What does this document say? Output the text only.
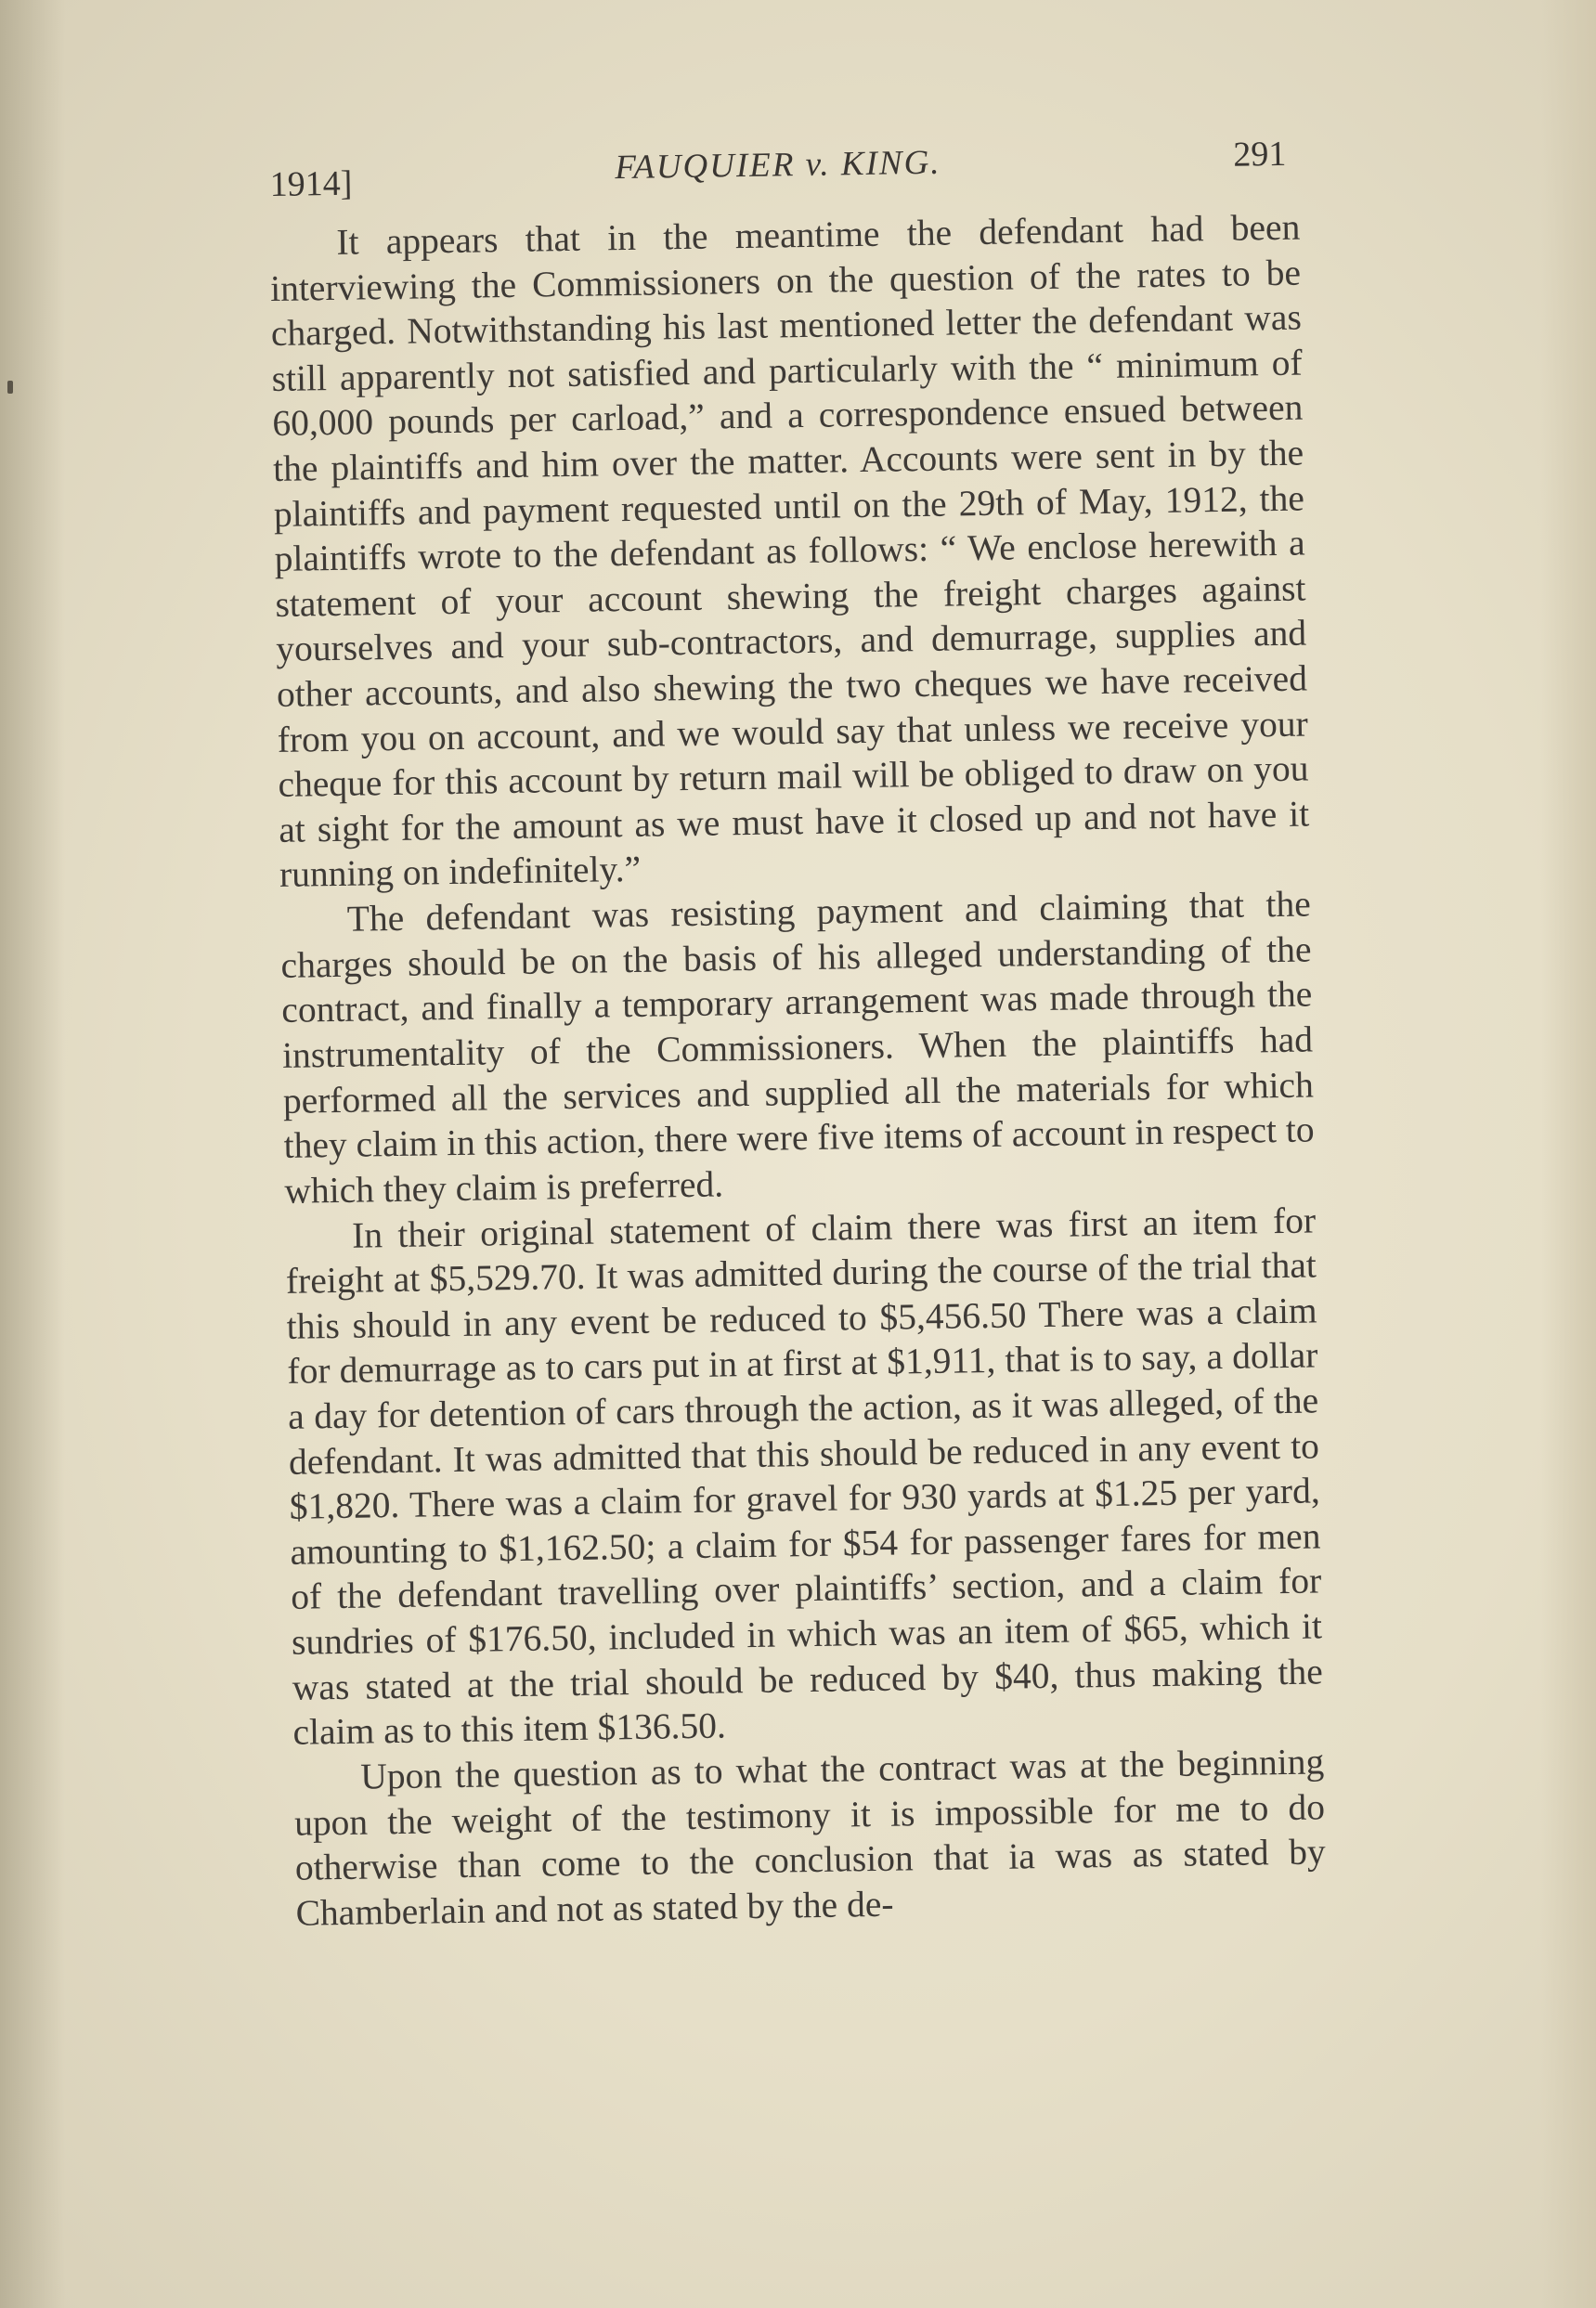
1914]	FAUQUIER v. KING.	291

It appears that in the meantime the defendant had been interviewing the Commissioners on the question of the rates to be charged. Notwithstanding his last mentioned letter the defendant was still apparently not satisfied and particularly with the “ minimum of 60,000 pounds per carload,” and a correspondence ensued between the plaintiffs and him over the matter. Accounts were sent in by the plaintiffs and payment requested until on the 29th of May, 1912, the plaintiffs wrote to the defendant as follows: “ We enclose herewith a statement of your account shewing the freight charges against yourselves and your sub-contractors, and demurrage, supplies and other accounts, and also shewing the two cheques we have received from you on account, and we would say that unless we receive your cheque for this account by return mail will be obliged to draw on you at sight for the amount as we must have it closed up and not have it running on indefinitely.”

The defendant was resisting payment and claiming that the charges should be on the basis of his alleged understanding of the contract, and finally a temporary arrangement was made through the instrumentality of the Commissioners. When the plaintiffs had performed all the services and supplied all the materials for which they claim in this action, there were five items of account in respect to which they claim is preferred.

In their original statement of claim there was first an item for freight at $5,529.70. It was admitted during the course of the trial that this should in any event be reduced to $5,456.50 There was a claim for demurrage as to cars put in at first at $1,911, that is to say, a dollar a day for detention of cars through the action, as it was alleged, of the defendant. It was admitted that this should be reduced in any event to $1,820. There was a claim for gravel for 930 yards at $1.25 per yard, amounting to $1,162.50; a claim for $54 for passenger fares for men of the defendant travelling over plaintiffs’ section, and a claim for sundries of $176.50, included in which was an item of $65, which it was stated at the trial should be reduced by $40, thus making the claim as to this item $136.50.

Upon the question as to what the contract was at the beginning upon the weight of the testimony it is impossible for me to do otherwise than come to the conclusion that ia was as stated by Chamberlain and not as stated by the de-
